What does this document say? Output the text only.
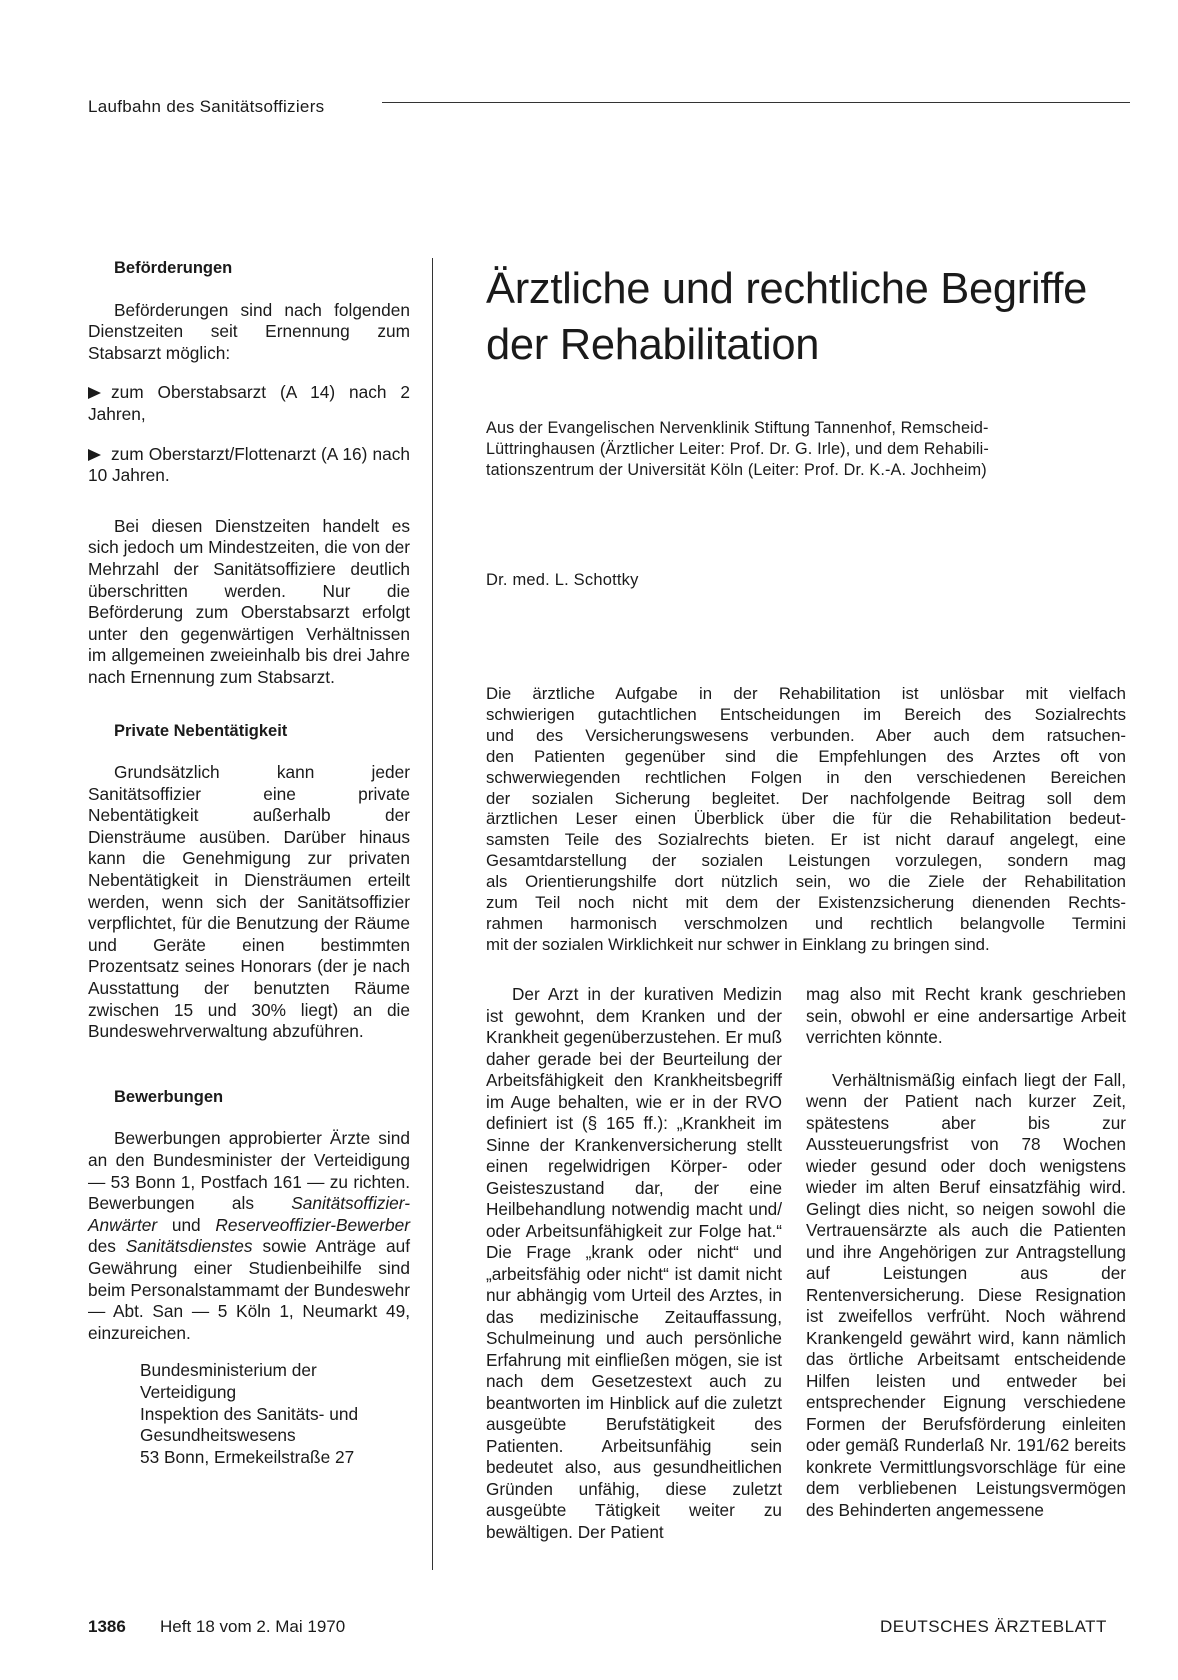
Laufbahn des Sanitätsoffiziers
Beförderungen

Beförderungen sind nach folgenden Dienstzeiten seit Ernennung zum Stabsarzt möglich:

zum Oberstabsarzt (A 14) nach 2 Jahren,

zum Oberstarzt/Flottenarzt (A 16) nach 10 Jahren.

Bei diesen Dienstzeiten handelt es sich jedoch um Mindestzeiten, die von der Mehrzahl der Sanitätsoffiziere deutlich überschritten werden. Nur die Beförderung zum Oberstabsarzt erfolgt unter den gegenwärtigen Verhältnissen im allgemeinen zweieinhalb bis drei Jahre nach Ernennung zum Stabsarzt.

Private Nebentätigkeit

Grundsätzlich kann jeder Sanitätsoffizier eine private Nebentätigkeit außerhalb der Diensträume ausüben. Darüber hinaus kann die Genehmigung zur privaten Nebentätigkeit in Diensträumen erteilt werden, wenn sich der Sanitätsoffizier verpflichtet, für die Benutzung der Räume und Geräte einen bestimmten Prozentsatz seines Honorars (der je nach Ausstattung der benutzten Räume zwischen 15 und 30% liegt) an die Bundeswehrverwaltung abzuführen.

Bewerbungen

Bewerbungen approbierter Ärzte sind an den Bundesminister der Verteidigung — 53 Bonn 1, Postfach 161 — zu richten. Bewerbungen als Sanitätsoffizier-Anwärter und Reserveoffizier-Bewerber des Sanitätsdienstes sowie Anträge auf Gewährung einer Studienbeihilfe sind beim Personalstammamt der Bundeswehr — Abt. San — 5 Köln 1, Neumarkt 49, einzureichen.

Bundesministerium der
Verteidigung
Inspektion des Sanitäts- und
Gesundheitswesens
53 Bonn, Ermekeilstraße 27
Ärztliche und rechtliche Begriffe
der Rehabilitation
Aus der Evangelischen Nervenklinik Stiftung Tannenhof, Remscheid-
Lüttringhausen (Ärztlicher Leiter: Prof. Dr. G. Irle), und dem Rehabili-
tationszentrum der Universität Köln (Leiter: Prof. Dr. K.-A. Jochheim)
Dr. med. L. Schottky
Die ärztliche Aufgabe in der Rehabilitation ist unlösbar mit vielfach
schwierigen gutachtlichen Entscheidungen im Bereich des Sozialrechts
und des Versicherungswesens verbunden. Aber auch dem ratsuchen-
den Patienten gegenüber sind die Empfehlungen des Arztes oft von
schwerwiegenden rechtlichen Folgen in den verschiedenen Bereichen
der sozialen Sicherung begleitet. Der nachfolgende Beitrag soll dem
ärztlichen Leser einen Überblick über die für die Rehabilitation bedeut-
samsten Teile des Sozialrechts bieten. Er ist nicht darauf angelegt, eine
Gesamtdarstellung der sozialen Leistungen vorzulegen, sondern mag
als Orientierungshilfe dort nützlich sein, wo die Ziele der Rehabilitation
zum Teil noch nicht mit dem der Existenzsicherung dienenden Rechts-
rahmen harmonisch verschmolzen und rechtlich belangvolle Termini
mit der sozialen Wirklichkeit nur schwer in Einklang zu bringen sind.

Der Arzt in der kurativen Medizin ist gewohnt, dem Kranken und der Krankheit gegenüberzustehen. Er muß daher gerade bei der Beurteilung der Arbeitsfähigkeit den Krankheitsbegriff im Auge behalten, wie er in der RVO definiert ist (§ 165 ff.): „Krankheit im Sinne der Krankenversicherung stellt einen regelwidrigen Körper- oder Geisteszustand dar, der eine Heilbehandlung notwendig macht und/ oder Arbeitsunfähigkeit zur Folge hat.“ Die Frage „krank oder nicht“ und „arbeitsfähig oder nicht“ ist damit nicht nur abhängig vom Urteil des Arztes, in das medizinische Zeitauffassung, Schulmeinung und auch persönliche Erfahrung mit einfließen mögen, sie ist nach dem Gesetzestext auch zu beantworten im Hinblick auf die zuletzt ausgeübte Berufstätigkeit des Patienten. Arbeitsunfähig sein bedeutet also, aus gesundheitlichen Gründen unfähig, diese zuletzt ausgeübte Tätigkeit weiter zu bewältigen. Der Patient

mag also mit Recht krank geschrieben sein, obwohl er eine andersartige Arbeit verrichten könnte.

Verhältnismäßig einfach liegt der Fall, wenn der Patient nach kurzer Zeit, spätestens aber bis zur Aussteuerungsfrist von 78 Wochen wieder gesund oder doch wenigstens wieder im alten Beruf einsatzfähig wird. Gelingt dies nicht, so neigen sowohl die Vertrauensärzte als auch die Patienten und ihre Angehörigen zur Antragstellung auf Leistungen aus der Rentenversicherung. Diese Resignation ist zweifellos verfrüht. Noch während Krankengeld gewährt wird, kann nämlich das örtliche Arbeitsamt entscheidende Hilfen leisten und entweder bei entsprechender Eignung verschiedene Formen der Berufsförderung einleiten oder gemäß Runderlaß Nr. 191/62 bereits konkrete Vermittlungsvorschläge für eine dem verbliebenen Leistungsvermögen des Behinderten angemessene

1386 Heft 18 vom 2. Mai 1970	DEUTSCHES ÄRZTEBLATT
